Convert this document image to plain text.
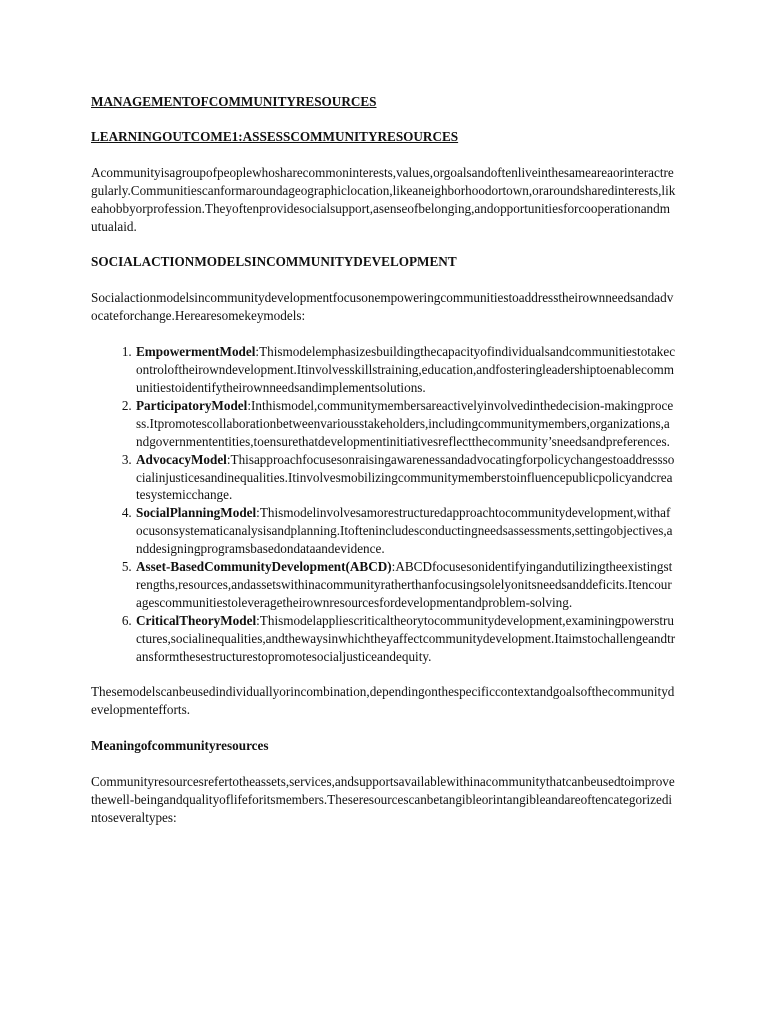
MANAGEMENTOFCOMMUNITYRESOURCES

LEARNINGOUTCOME1:ASSESSCOMMUNITYRESOURCES

Acommunityisagroupofpeoplewhosharecommoninterests,values,orgoalsandoftenliveinthesameareaorinteractregularly.Communitiescanformaroundageographiclocation,likeaneighborhoodortown,oraroundsharedinterests,likeahobbyorprofession.Theyoftenprovidesocialsupport,asenseofbelonging,andopportunitiesforcooperationandmutualaid.

SOCIALACTIONMODELSINCOMMUNITYDEVELOPMENT

Socialactionmodelsincommunitydevelopmentfocusonempoweringcommunitiestoaddresstheirownneedsandadvocateforchange.Herearesomekeymodels:

1. EmpowermentModel:Thismodelemphasizesbuildingthecapacityofindividualsandcommunitiestotakecontroloftheirowndevelopment.Itinvolvesskillstraining,education,andfosteringleadershiptoenablecommunitiestoidentifytheirownneedsandimplementsolutions.
2. ParticipatoryModel:Inthismodel,communitymembersareactivelyinvolvedinthedecision-makingprocess.Itpromotescollaborationbetweenvariousstakeholders,includingcommunitymembers,organizations,andgovernmententities,toensurethatdevelopmentinitiativesreflectthecommunity’sneedsandpreferences.
3. AdvocacyModel:Thisapproachfocusesonraisingawarenessandadvocatingforpolicychangestoaddresssocialinjusticesandinequalities.Itinvolvesmobilizingcommunitymemberstoinfluencepublicpolicyandcreatesystemicchange.
4. SocialPlanningModel:Thismodelinvolvesamorestructuredapproachtocommunitydevelopment,withafocusonsystematicanalysisandplanning.Itoftenincludesconductingneedsassessments,settingobjectives,anddesigningprogramsbasedondataandevidence.
5. Asset-BasedCommunityDevelopment(ABCD):ABCDfocusesonidentifyingandutilizingtheexistingstrengths,resources,andassetswithinacommunityratherthanfocusingsolelyonitsneedsanddeficits.Itencouragescommunitiestoleveragetheirownresourcesfordevelopmentandproblem-solving.
6. CriticalTheoryModel:Thismodelappliescriticaltheorytocommunitydevelopment,examiningpowerstructures,socialinequalities,andthewaysinwhichtheyaffectcommunitydevelopment.Itaimstochallengeandtransformthesestructurestopromotesocialjusticeandequity.

Thesemodelscanbeusedindividuallyorincombination,dependingonthespecificcontextandgoalsofthecommunitydevelopmentefforts.

Meaningofcommunityresources

Communityresourcesrefertotheassets,services,andsupportsavailablewithinacommunitythatcanbeusedtoimprovethewell-beingandqualityoflifeforitsmembers.Theseresourcescanbetangibleorintangibleandareoftencategorizedintoseveraltypes:
